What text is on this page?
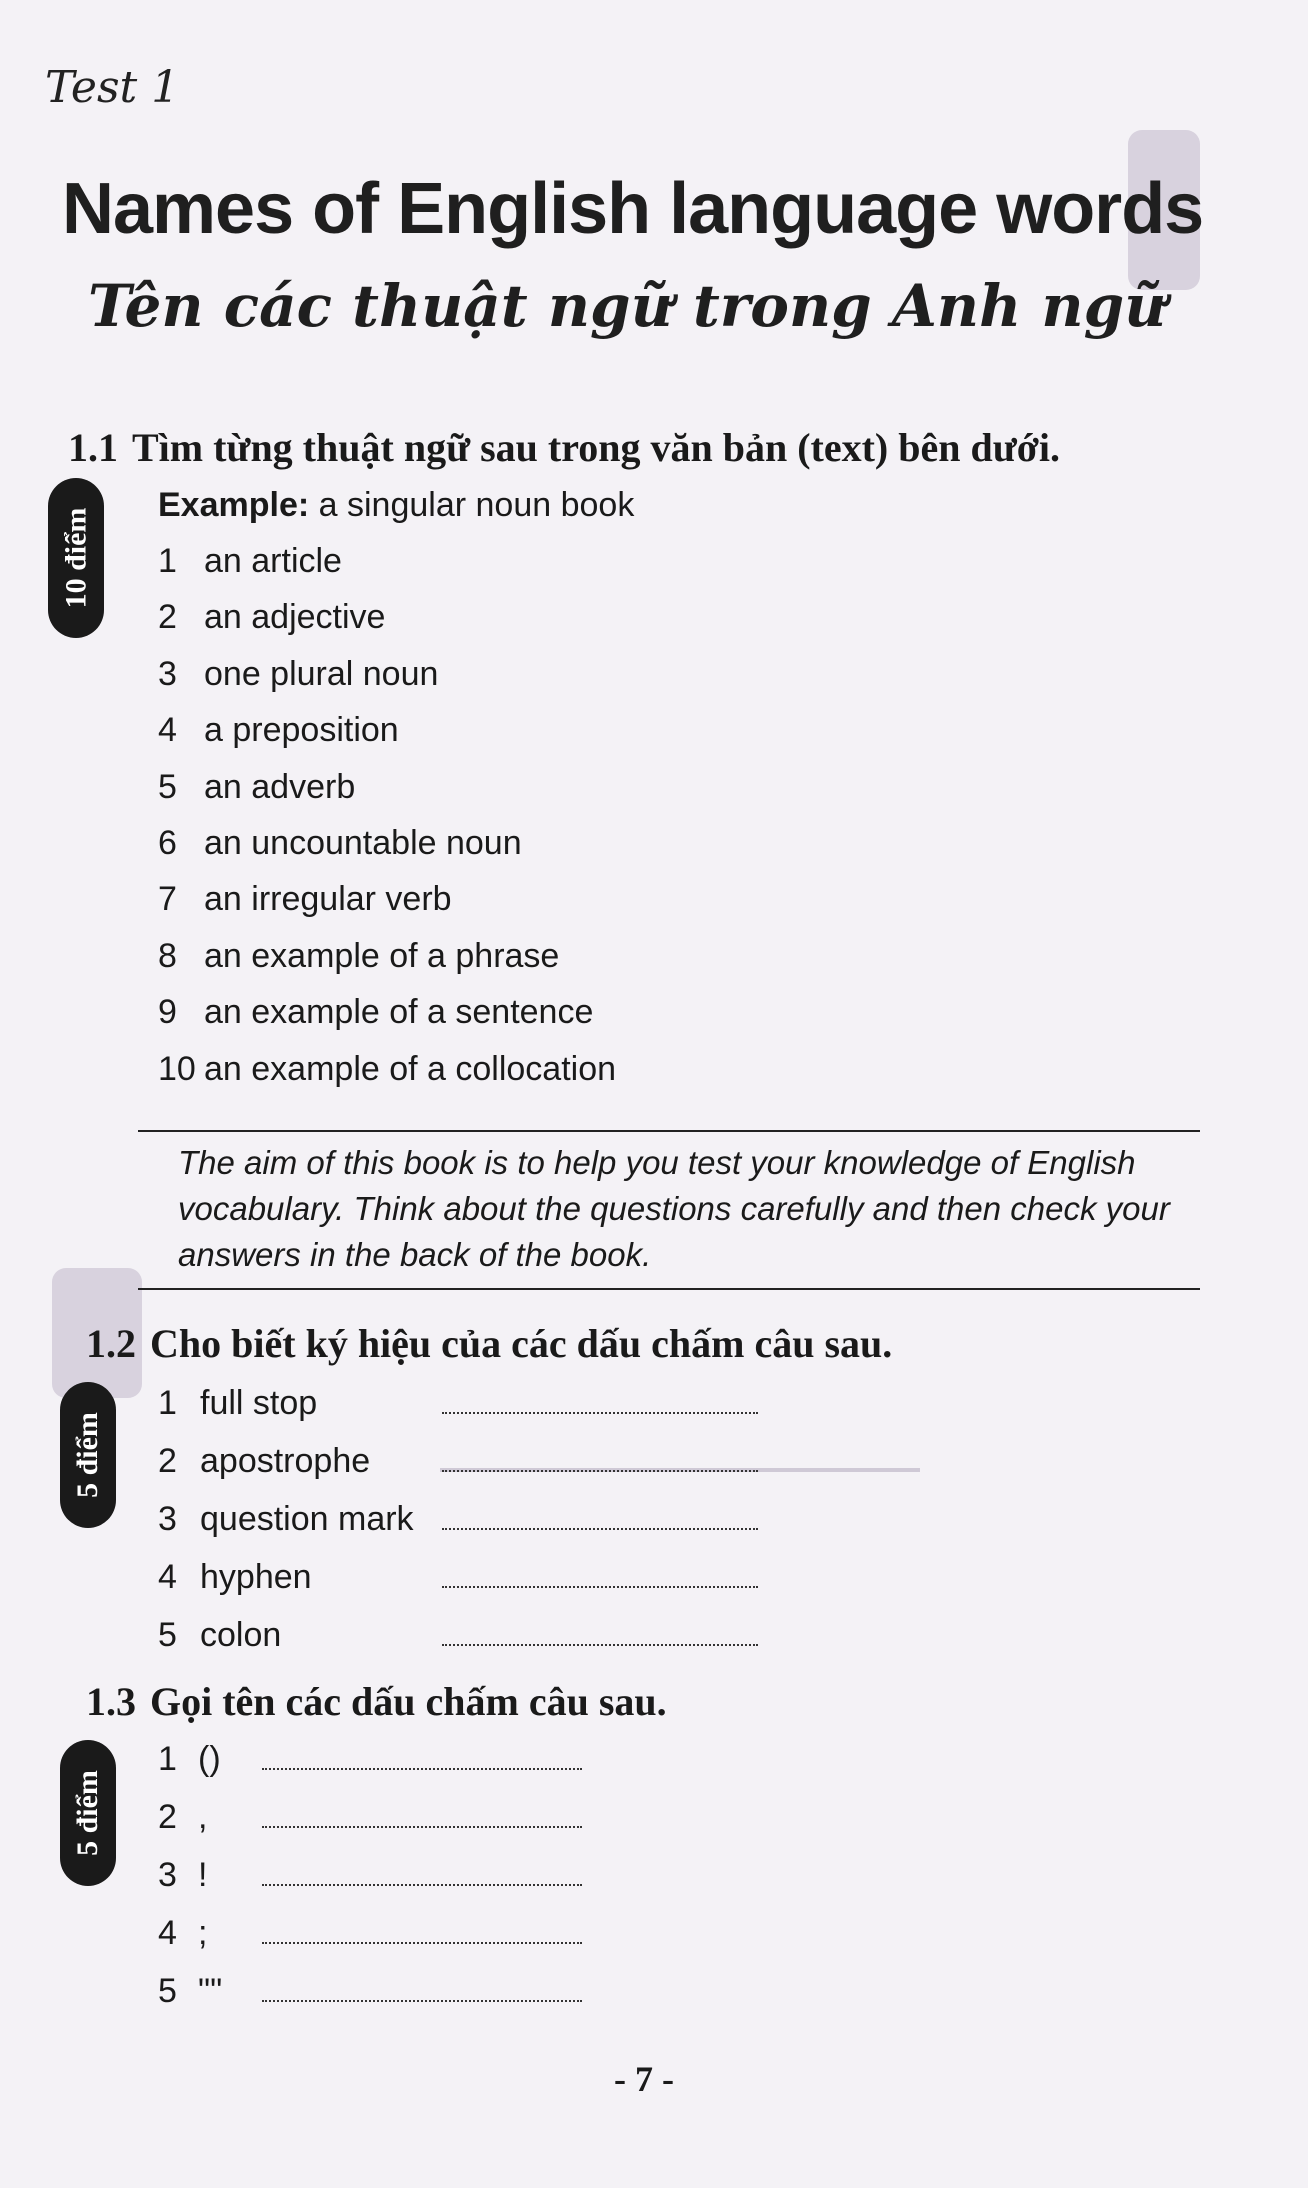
Test 1
Names of English language words
Tên các thuật ngữ trong Anh ngữ
1.1 Tìm từng thuật ngữ sau trong văn bản (text) bên dưới.
10 điểm
Example: a singular noun book
1 an article
2 an adjective
3 one plural noun
4 a preposition
5 an adverb
6 an uncountable noun
7 an irregular verb
8 an example of a phrase
9 an example of a sentence
10 an example of a collocation
The aim of this book is to help you test your knowledge of English vocabulary. Think about the questions carefully and then check your answers in the back of the book.
1.2 Cho biết ký hiệu của các dấu chấm câu sau.
5 điểm
1 full stop
2 apostrophe
3 question mark
4 hyphen
5 colon
1.3 Gọi tên các dấu chấm câu sau.
5 điểm
1 ()
2 ,
3 !
4 ;
5 ""
- 7 -
